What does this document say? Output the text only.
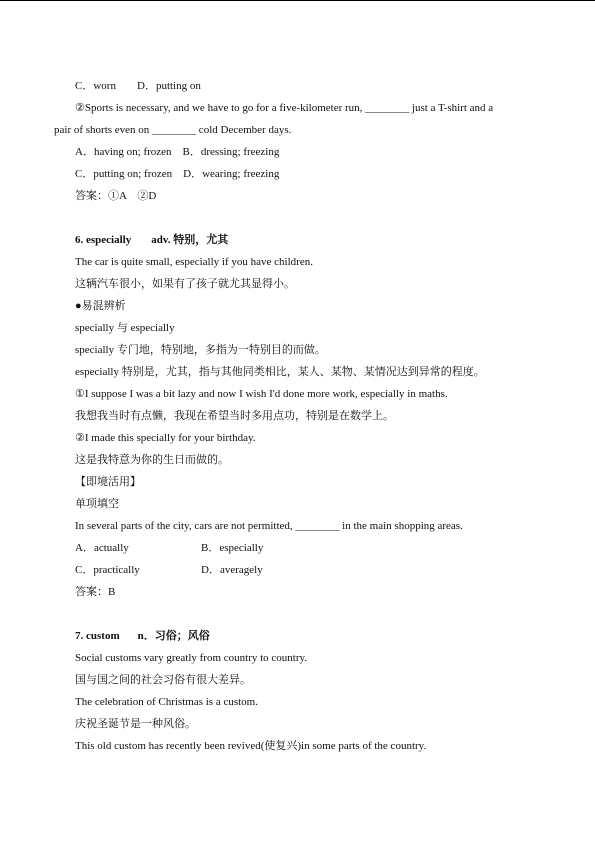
C．worn D．putting on
②Sports is necessary, and we have to go for a five-kilometer run, ________ just a T-shirt and a
pair of shorts even on ________ cold December days.
A．having on; frozen　B．dressing; freezing
C．putting on; frozen　D．wearing; freezing
答案：①A　②D
6. especially adv. 特别，尤其
The car is quite small, especially if you have children.
这辆汽车很小，如果有了孩子就尤其显得小。
●易混辨析
specially 与 especially
specially 专门地，特别地，多指为一特别目的而做。
especially 特别是，尤其，指与其他同类相比，某人、某物、某情况达到异常的程度。
①I suppose I was a bit lazy and now I wish I'd done more work, especially in maths.
我想我当时有点懒，我现在希望当时多用点功，特别是在数学上。
②I made this specially for your birthday.
这是我特意为你的生日而做的。
【即境活用】
单项填空
In several parts of the city, cars are not permitted, ________ in the main shopping areas.
A．actually	B．especially
C．practically	D．averagely
答案：B
7. custom n．习俗；风俗
Social customs vary greatly from country to country.
国与国之间的社会习俗有很大差异。
The celebration of Christmas is a custom.
庆祝圣诞节是一种风俗。
This old custom has recently been revived(使复兴)in some parts of the country.
